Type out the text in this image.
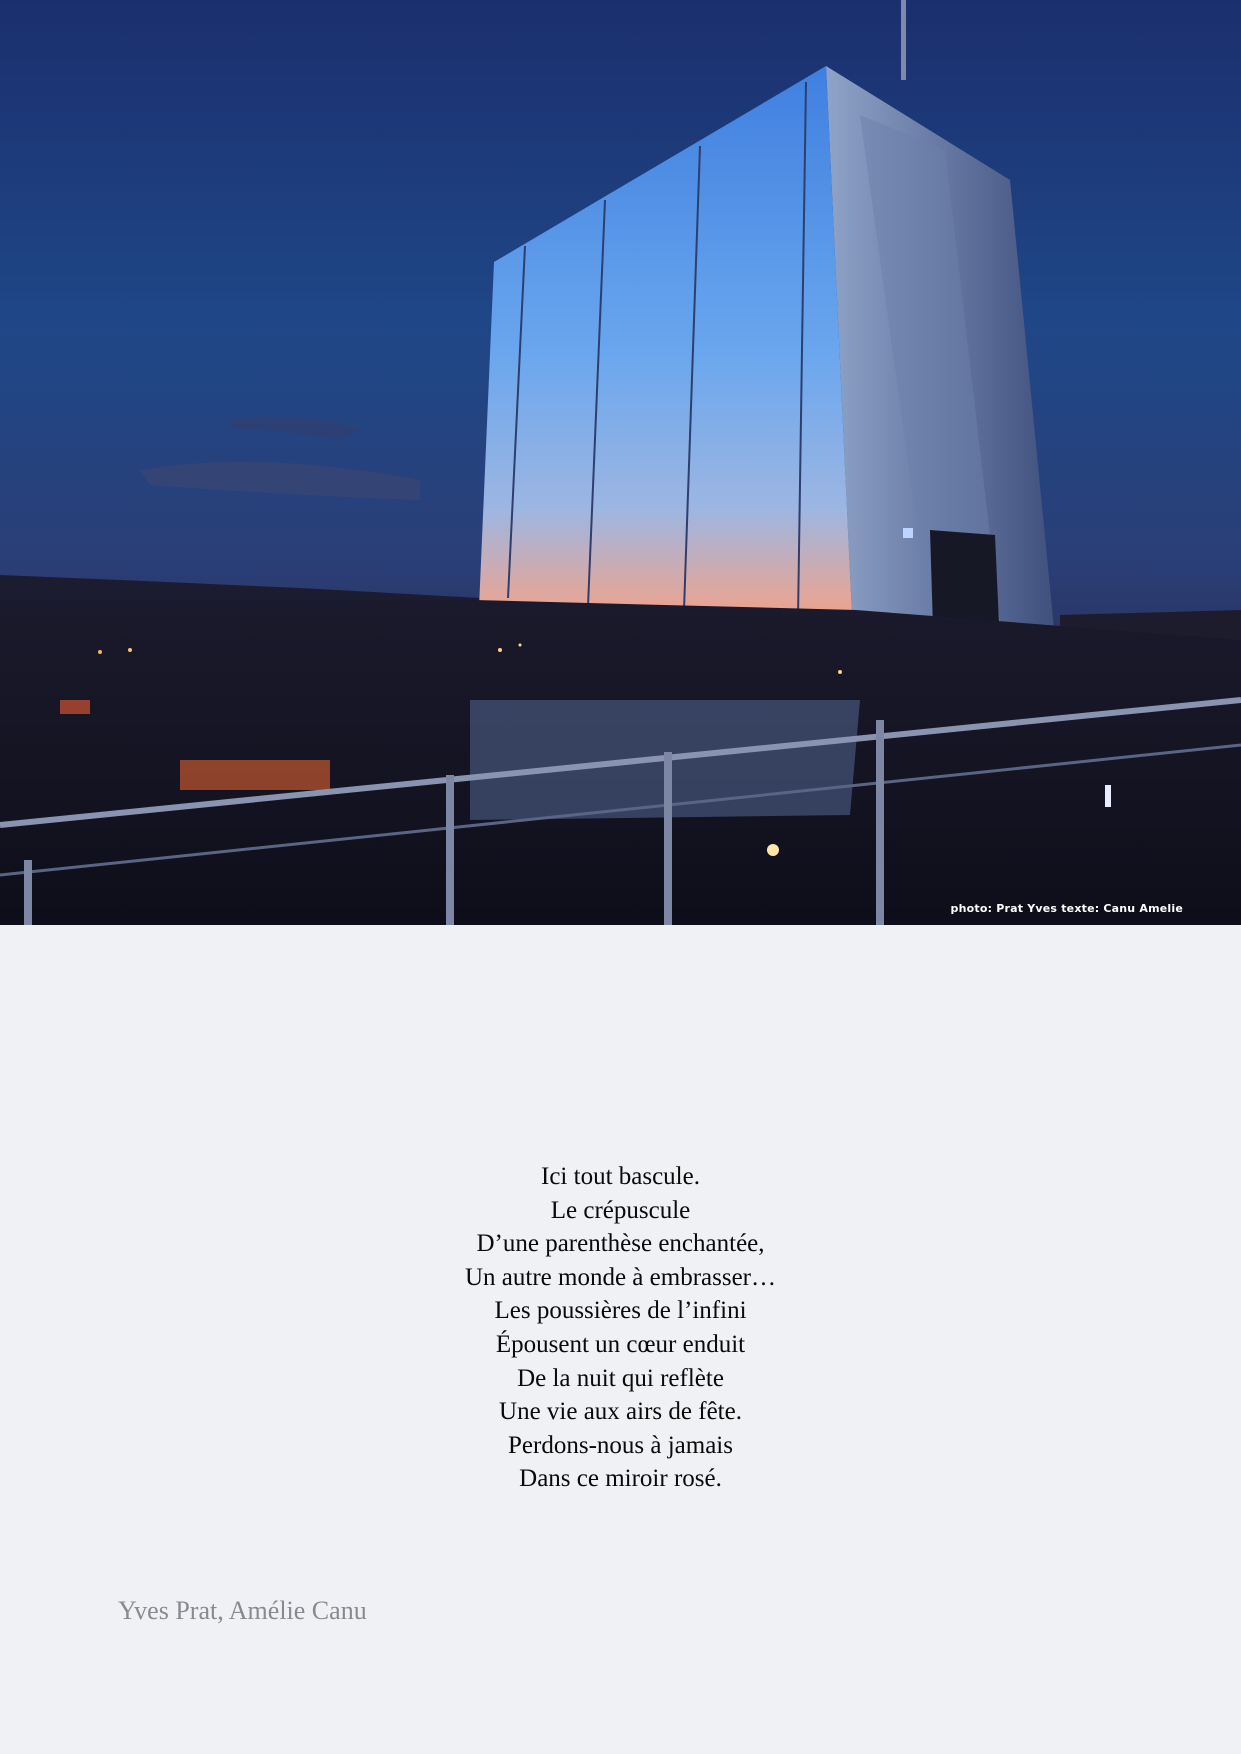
photo: Prat Yves texte: Canu Amelie
Ici tout bascule.
Le crépuscule
D’une parenthèse enchantée,
Un autre monde à embrasser…
Les poussières de l’infini
Épousent un cœur enduit
De la nuit qui reflète
Une vie aux airs de fête.
Perdons-nous à jamais
Dans ce miroir rosé.
Yves Prat, Amélie Canu
